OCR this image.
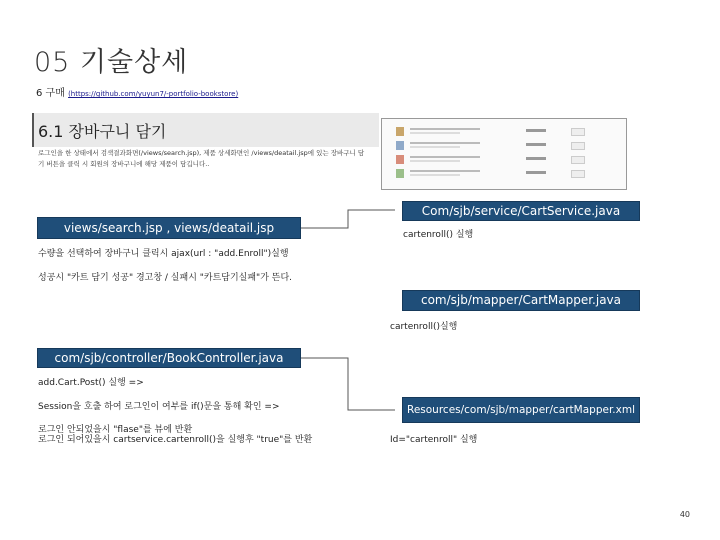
05 기술상세
6 구매 (https://github.com/yuyun7/-portfolio-bookstore)
6.1 장바구니 담기
로그인을 한 상태에서 검색결과화면(/views/search.jsp), 제품 상세화면인 /views/deatail.jsp에 있는 장바구니 담기 버튼을 클릭 시 회원의 장바구니에 해당 제품이 담깁니다..
views/search.jsp , views/deatail.jsp
수량을 선택하여 장바구니 클릭시 ajax(url : "add.Enroll")실행
성공시 "카트 담기 성공" 경고창 / 실패시 "카트담기실패"가 뜬다.
Com/sjb/service/CartService.java
cartenroll() 실행
com/sjb/mapper/CartMapper.java
cartenroll()실행
com/sjb/controller/BookController.java
add.Cart.Post() 실행 =>
Session을 호출 하여 로그인이 여부를 if()문을 통해 확인 =>
로그인 안되었을시 "flase"를 뷰에 반환
로그인 되어있을시 cartservice.cartenroll()을 실행후 "true"를 반환
Resources/com/sjb/mapper/cartMapper.xml
Id="cartenroll" 실행
40
